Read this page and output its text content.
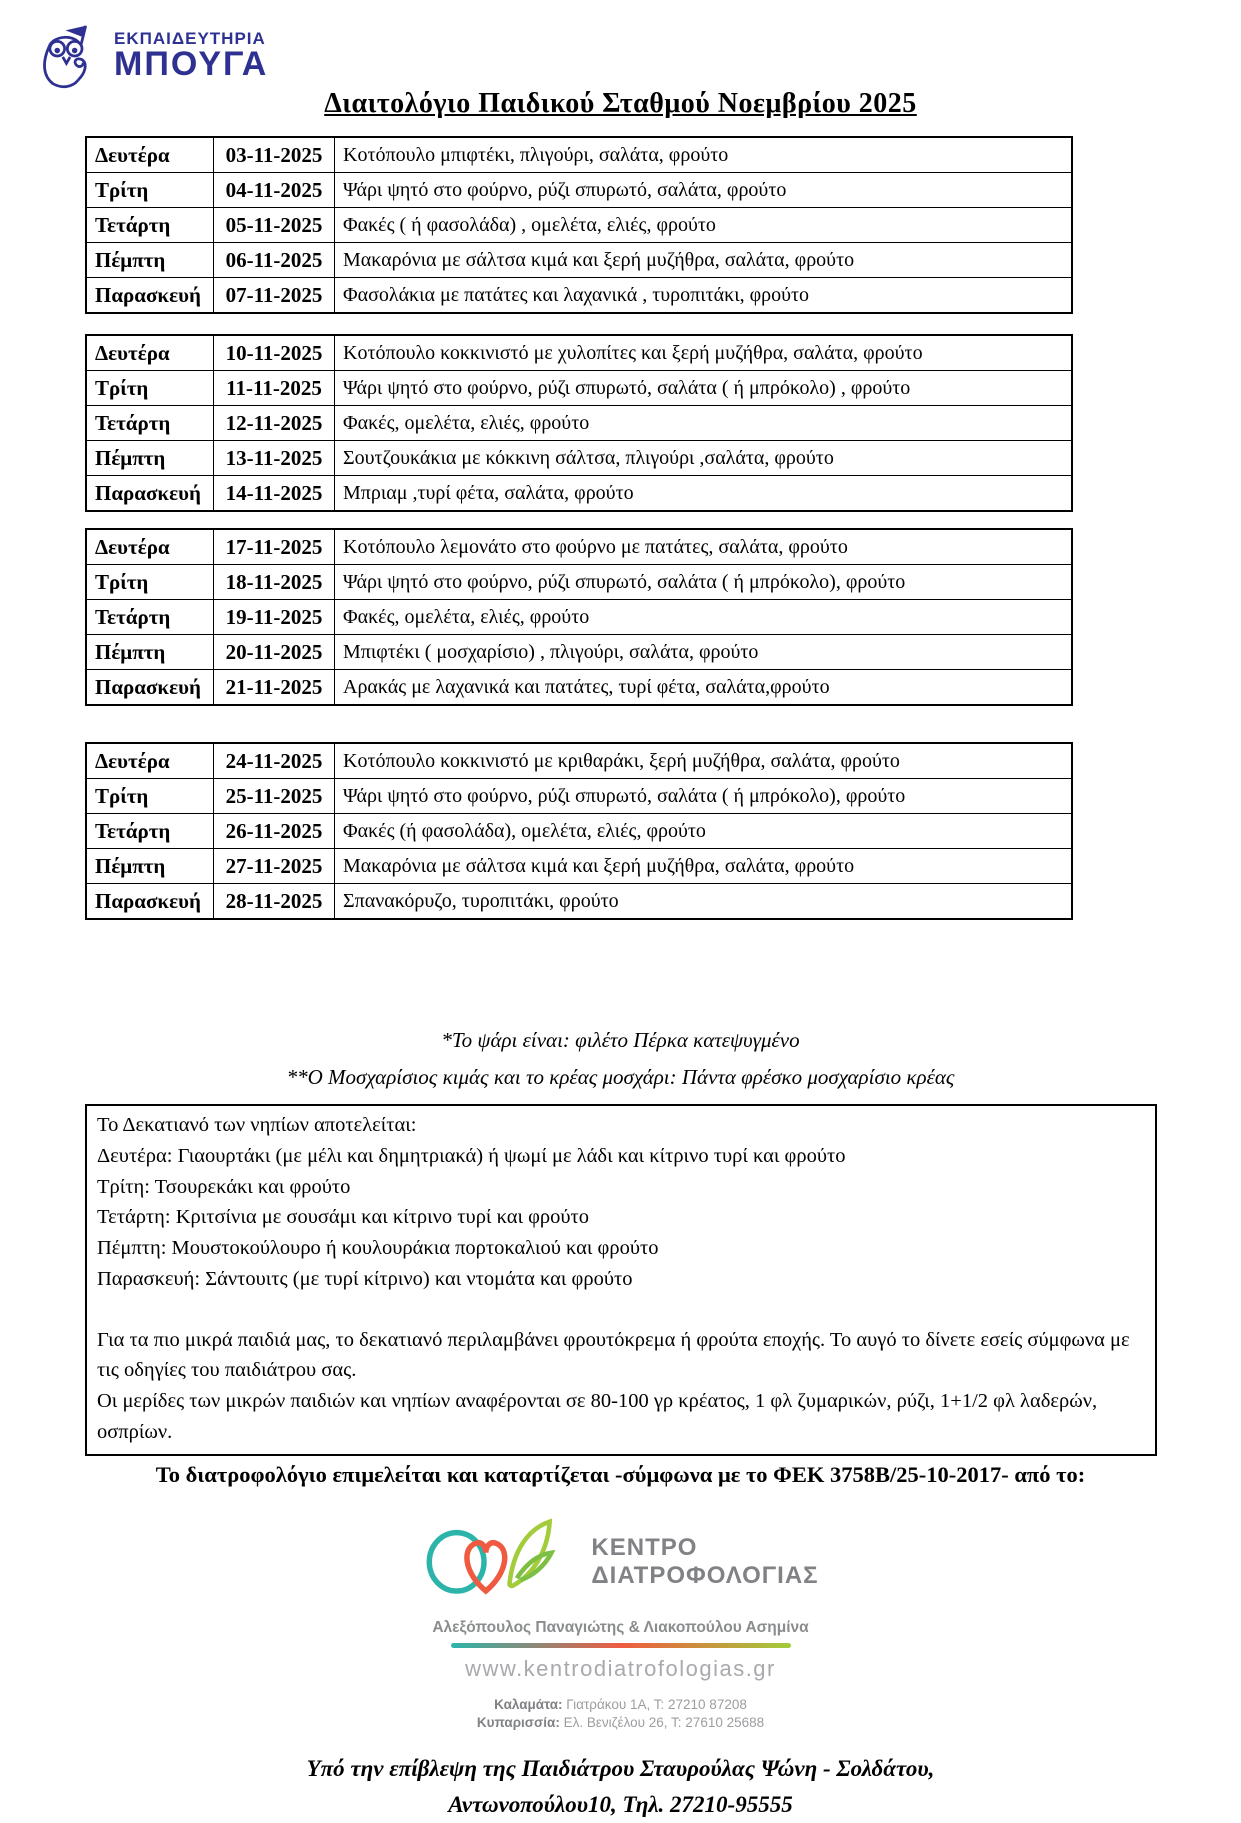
ΕΚΠΑΙΔΕΥΤΗΡΙΑ
ΜΠΟΥΓΑ
Διαιτολόγιο Παιδικού Σταθμού Νοεμβρίου 2025
Δευτέρα	03-11-2025	Κοτόπουλο μπιφτέκι, πλιγούρι, σαλάτα, φρούτο
Τρίτη	04-11-2025	Ψάρι ψητό στο φούρνο, ρύζι σπυρωτό, σαλάτα, φρούτο
Τετάρτη	05-11-2025	Φακές ( ή φασολάδα) , ομελέτα, ελιές, φρούτο
Πέμπτη	06-11-2025	Μακαρόνια με σάλτσα κιμά και ξερή μυζήθρα, σαλάτα, φρούτο
Παρασκευή	07-11-2025	Φασολάκια με πατάτες και λαχανικά , τυροπιτάκι, φρούτο
Δευτέρα	10-11-2025	Κοτόπουλο κοκκινιστό με χυλοπίτες και ξερή μυζήθρα, σαλάτα, φρούτο
Τρίτη	11-11-2025	Ψάρι ψητό στο φούρνο, ρύζι σπυρωτό, σαλάτα ( ή μπρόκολο) , φρούτο
Τετάρτη	12-11-2025	Φακές, ομελέτα, ελιές, φρούτο
Πέμπτη	13-11-2025	Σουτζουκάκια με κόκκινη σάλτσα, πλιγούρι ,σαλάτα, φρούτο
Παρασκευή	14-11-2025	Μπριαμ ,τυρί φέτα, σαλάτα, φρούτο
Δευτέρα	17-11-2025	Κοτόπουλο λεμονάτο στο φούρνο με πατάτες, σαλάτα, φρούτο
Τρίτη	18-11-2025	Ψάρι ψητό στο φούρνο, ρύζι σπυρωτό, σαλάτα ( ή μπρόκολο), φρούτο
Τετάρτη	19-11-2025	Φακές, ομελέτα, ελιές, φρούτο
Πέμπτη	20-11-2025	Μπιφτέκι ( μοσχαρίσιο) , πλιγούρι, σαλάτα, φρούτο
Παρασκευή	21-11-2025	Αρακάς με λαχανικά και πατάτες, τυρί φέτα, σαλάτα,φρούτο
Δευτέρα	24-11-2025	Κοτόπουλο κοκκινιστό με κριθαράκι, ξερή μυζήθρα, σαλάτα, φρούτο
Τρίτη	25-11-2025	Ψάρι ψητό στο φούρνο, ρύζι σπυρωτό, σαλάτα ( ή μπρόκολο), φρούτο
Τετάρτη	26-11-2025	Φακές (ή φασολάδα), ομελέτα, ελιές, φρούτο
Πέμπτη	27-11-2025	Μακαρόνια με σάλτσα κιμά και ξερή μυζήθρα, σαλάτα, φρούτο
Παρασκευή	28-11-2025	Σπανακόρυζο, τυροπιτάκι, φρούτο
*Το ψάρι είναι: φιλέτο Πέρκα κατεψυγμένο
**Ο Μοσχαρίσιος κιμάς και το κρέας μοσχάρι: Πάντα φρέσκο μοσχαρίσιο κρέας
Το Δεκατιανό των νηπίων αποτελείται:
Δευτέρα: Γιαουρτάκι (με μέλι και δημητριακά) ή ψωμί με λάδι και κίτρινο τυρί και φρούτο
Τρίτη: Τσουρεκάκι και φρούτο
Τετάρτη: Κριτσίνια με σουσάμι και κίτρινο τυρί και φρούτο
Πέμπτη: Μουστοκούλουρο ή κουλουράκια πορτοκαλιού και φρούτο
Παρασκευή: Σάντουιτς (με τυρί κίτρινο) και ντομάτα και φρούτο
Για τα πιο μικρά παιδιά μας, το δεκατιανό περιλαμβάνει φρουτόκρεμα ή φρούτα εποχής. Το αυγό το δίνετε εσείς σύμφωνα με τις οδηγίες του παιδιάτρου σας.
Οι μερίδες των μικρών παιδιών και νηπίων αναφέρονται σε 80-100 γρ κρέατος, 1 φλ ζυμαρικών, ρύζι, 1+1/2 φλ λαδερών, οσπρίων.
Το διατροφολόγιο επιμελείται και καταρτίζεται -σύμφωνα με το ΦΕΚ 3758Β/25-10-2017- από το:
ΚΕΝΤΡΟ
ΔΙΑΤΡΟΦΟΛΟΓΙΑΣ
Αλεξόπουλος Παναγιώτης & Λιακοπούλου Ασημίνα
www.kentrodiatrofologias.gr
Καλαμάτα: Γιατράκου 1Α, Τ: 27210 87208
Κυπαρισσία: Ελ. Βενιζέλου 26, Τ: 27610 25688
Υπό την επίβλεψη της Παιδιάτρου Σταυρούλας Ψώνη - Σολδάτου,
Αντωνοπούλου10, Τηλ. 27210-95555
